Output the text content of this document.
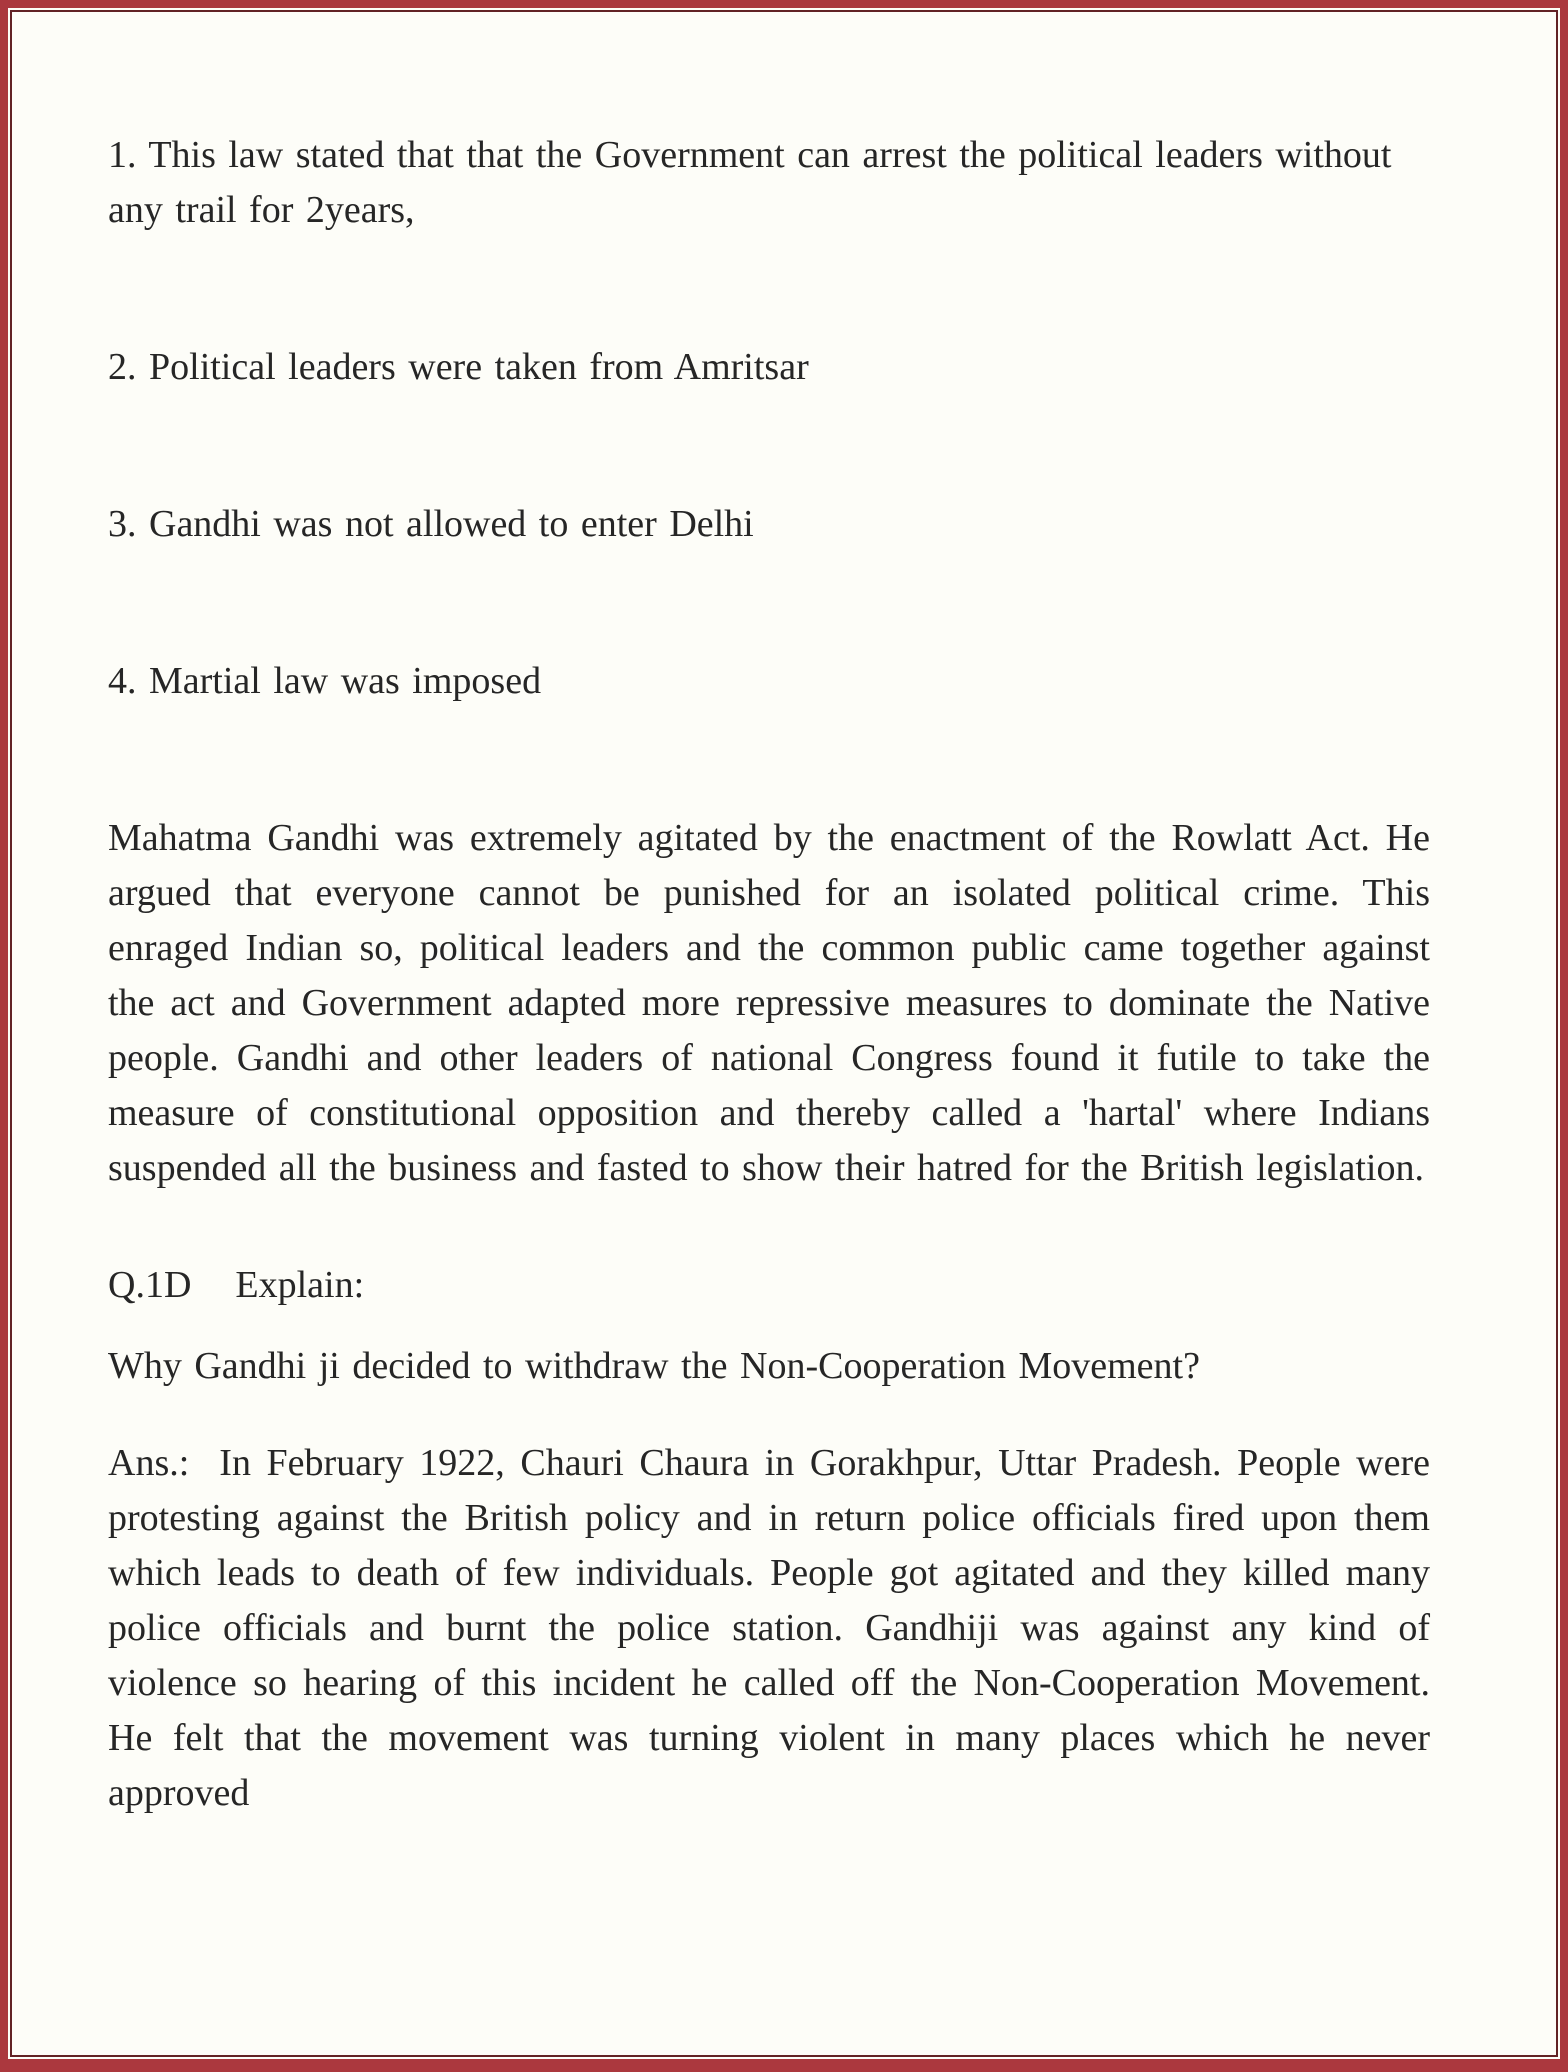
1. This law stated that that the Government can arrest the political leaders without any trail for 2years,

2. Political leaders were taken from Amritsar

3. Gandhi was not allowed to enter Delhi

4. Martial law was imposed

Mahatma Gandhi was extremely agitated by the enactment of the Rowlatt Act. He argued that everyone cannot be punished for an isolated political crime. This enraged Indian so, political leaders and the common public came together against the act and Government adapted more repressive measures to dominate the Native people. Gandhi and other leaders of national Congress found it futile to take the measure of constitutional opposition and thereby called a 'hartal' where Indians suspended all the business and fasted to show their hatred for the British legislation.

Q.1D Explain:

Why Gandhi ji decided to withdraw the Non-Cooperation Movement?

Ans.: In February 1922, Chauri Chaura in Gorakhpur, Uttar Pradesh. People were protesting against the British policy and in return police officials fired upon them which leads to death of few individuals. People got agitated and they killed many police officials and burnt the police station. Gandhiji was against any kind of violence so hearing of this incident he called off the Non-Cooperation Movement. He felt that the movement was turning violent in many places which he never approved
